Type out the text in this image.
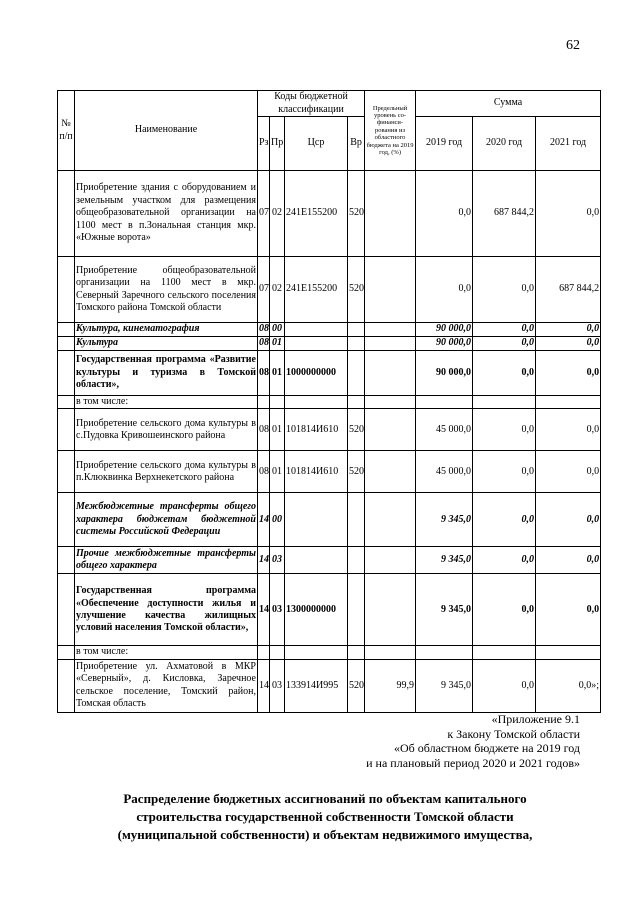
62
№ п/п	Наименование	Коды бюджетной классификации				Предельный уровень со-финанси-рования из областного бюджета на 2019 год, (%)	Сумма		
		Рз	Пр	Цср	Вр		2019 год	2020 год	2021 год
	Приобретение здания с оборудованием и земельным участком для размещения общеобразовательной организации на 1100 мест в п.Зональная станция мкр. «Южные ворота»	07	02	241Е155200	520		0,0	687 844,2	0,0
	Приобретение общеобразовательной организации на 1100 мест в мкр. Северный Заречного сельского поселения Томского района Томской области	07	02	241Е155200	520		0,0	0,0	687 844,2
	Культура, кинематография	08	00				90 000,0	0,0	0,0
	Культура	08	01				90 000,0	0,0	0,0
	Государственная программа «Развитие культуры и туризма в Томской области»,	08	01	1000000000			90 000,0	0,0	0,0
	в том числе:								
	Приобретение сельского дома культуры в с.Пудовка Кривошеинского района	08	01	101814И610	520		45 000,0	0,0	0,0
	Приобретение сельского дома культуры в п.Клюквинка Верхнекетского района	08	01	101814И610	520		45 000,0	0,0	0,0
	Межбюджетные трансферты общего характера бюджетам бюджетной системы Российской Федерации	14	00				9 345,0	0,0	0,0
	Прочие межбюджетные трансферты общего характера	14	03				9 345,0	0,0	0,0
	Государственная программа «Обеспечение доступности жилья и улучшение качества жилищных условий населения Томской области»,	14	03	1300000000			9 345,0	0,0	0,0
	в том числе:								
	Приобретение ул. Ахматовой в МКР «Северный», д. Кисловка, Заречное сельское поселение, Томский район, Томская область	14	03	133914И995	520	99,9	9 345,0	0,0	0,0»;
«Приложение 9.1
к Закону Томской области
«Об областном бюджете на 2019 год
и на плановый период 2020 и 2021 годов»
Распределение бюджетных ассигнований по объектам капитального
строительства государственной собственности Томской области
(муниципальной собственности) и объектам недвижимого имущества,
